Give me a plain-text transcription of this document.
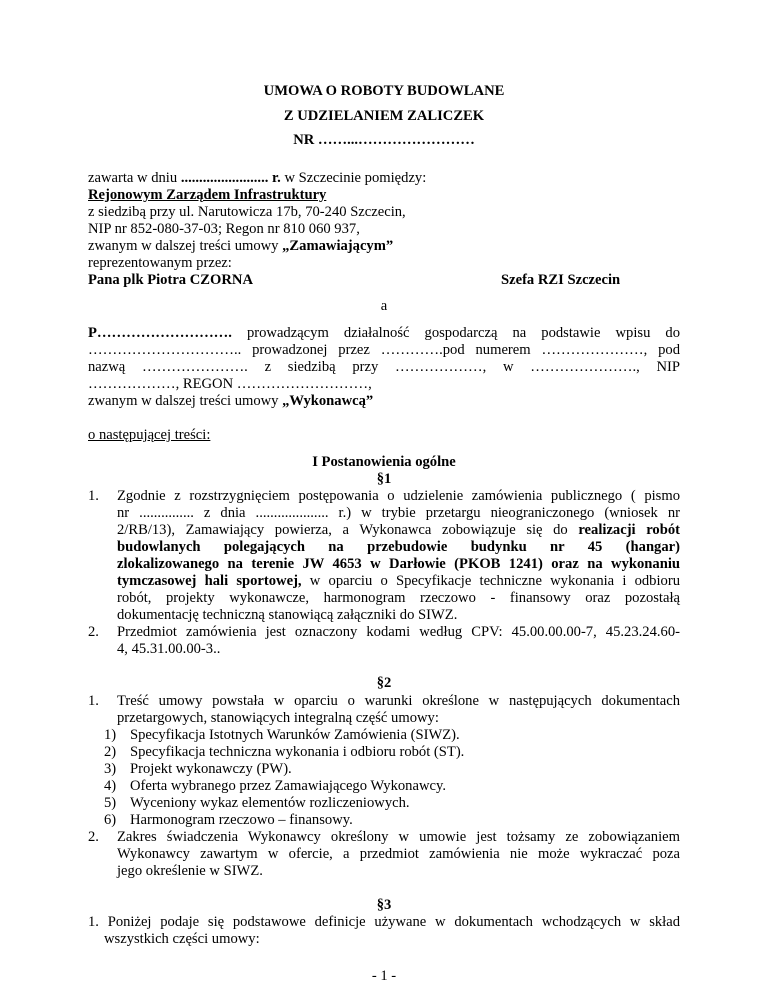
UMOWA O ROBOTY BUDOWLANE
Z UDZIELANIEM ZALICZEK
NR ……...……………………
zawarta w dniu ........................ r. w Szczecinie pomiędzy:
Rejonowym Zarządem Infrastruktury
z siedzibą przy ul. Narutowicza 17b, 70-240 Szczecin,
NIP nr 852-080-37-03; Regon nr 810 060 937,
zwanym w dalszej treści umowy „Zamawiającym”
reprezentowanym przez:
Pana plk Piotra CZORNA	Szefa RZI Szczecin
a
P………………………. prowadzącym działalność gospodarczą na podstawie wpisu do
………………………….. prowadzonej przez ………….pod numerem …………………, pod
nazwą …………………. z siedzibą przy ………………, w …………………., NIP
………………, REGON ………………………,
zwanym w dalszej treści umowy „Wykonawcą”
o następującej treści:
I Postanowienia ogólne
§1
1. Zgodnie z rozstrzygnięciem postępowania o udzielenie zamówienia publicznego ( pismo
nr ............... z dnia .................... r.) w trybie przetargu nieograniczonego (wniosek nr
2/RB/13), Zamawiający powierza, a Wykonawca zobowiązuje się do realizacji robót
budowlanych polegających na przebudowie budynku nr 45 (hangar)
zlokalizowanego na terenie JW 4653 w Darłowie (PKOB 1241) oraz na wykonaniu
tymczasowej hali sportowej, w oparciu o Specyfikacje techniczne wykonania i odbioru
robót, projekty wykonawcze, harmonogram rzeczowo - finansowy oraz pozostałą
dokumentację techniczną stanowiącą załączniki do SIWZ.
2. Przedmiot zamówienia jest oznaczony kodami według CPV: 45.00.00.00-7, 45.23.24.60-
4, 45.31.00.00-3..
§2
1. Treść umowy powstała w oparciu o warunki określone w następujących dokumentach
przetargowych, stanowiących integralną część umowy:
1) Specyfikacja Istotnych Warunków Zamówienia (SIWZ).
2) Specyfikacja techniczna wykonania i odbioru robót (ST).
3) Projekt wykonawczy (PW).
4) Oferta wybranego przez Zamawiającego Wykonawcy.
5) Wyceniony wykaz elementów rozliczeniowych.
6) Harmonogram rzeczowo – finansowy.
2. Zakres świadczenia Wykonawcy określony w umowie jest tożsamy ze zobowiązaniem
Wykonawcy zawartym w ofercie, a przedmiot zamówienia nie może wykraczać poza
jego określenie w SIWZ.
§3
1. Poniżej podaje się podstawowe definicje używane w dokumentach wchodzących w skład
wszystkich części umowy:
- 1 -
